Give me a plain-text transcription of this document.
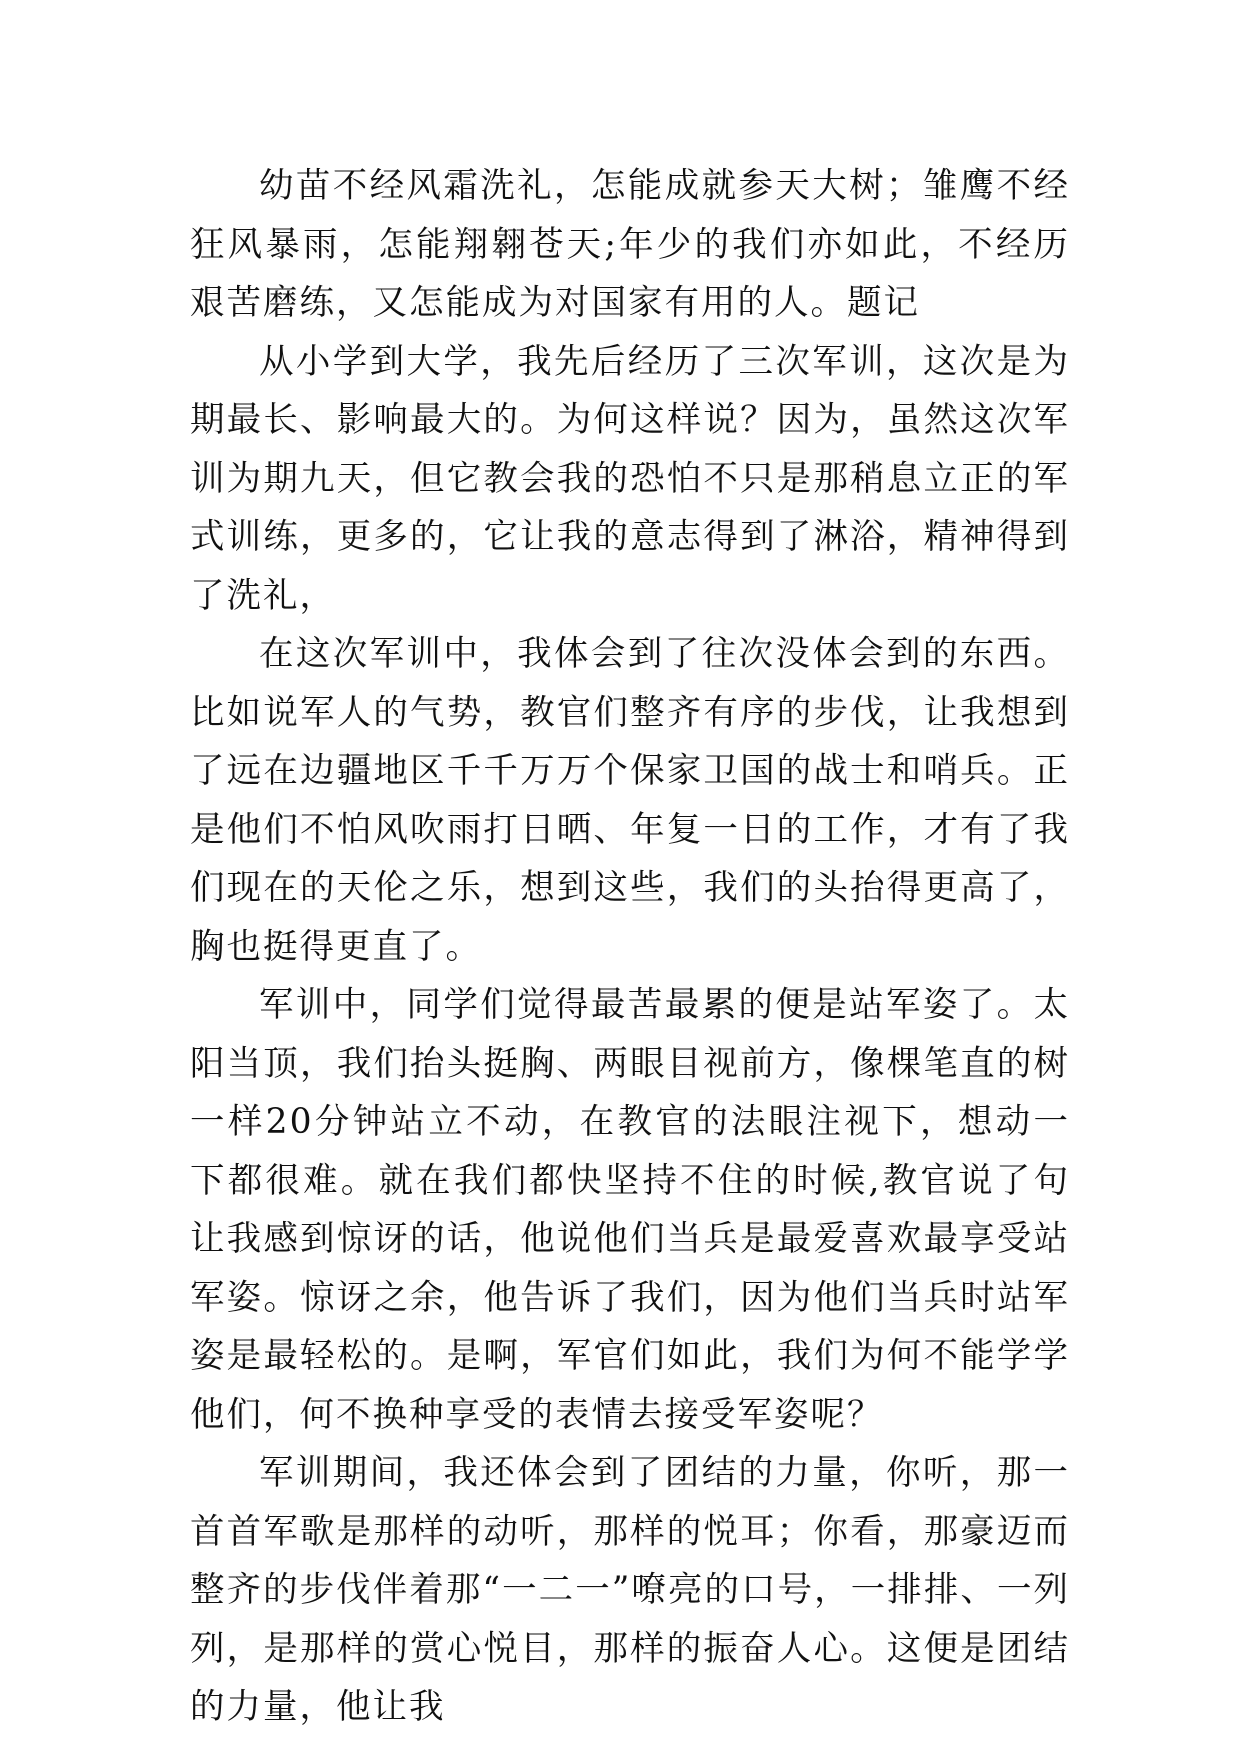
幼苗不经风霜洗礼，怎能成就参天大树；雏鹰不经狂风暴雨，怎能翔翱苍天;年少的我们亦如此，不经历艰苦磨练，又怎能成为对国家有用的人。题记

从小学到大学，我先后经历了三次军训，这次是为期最长、影响最大的。为何这样说？因为，虽然这次军训为期九天，但它教会我的恐怕不只是那稍息立正的军式训练，更多的，它让我的意志得到了淋浴，精神得到了洗礼，

在这次军训中，我体会到了往次没体会到的东西。比如说军人的气势，教官们整齐有序的步伐，让我想到了远在边疆地区千千万万个保家卫国的战士和哨兵。正是他们不怕风吹雨打日晒、年复一日的工作，才有了我们现在的天伦之乐，想到这些，我们的头抬得更高了，胸也挺得更直了。

军训中，同学们觉得最苦最累的便是站军姿了。太阳当顶，我们抬头挺胸、两眼目视前方，像棵笔直的树一样20分钟站立不动，在教官的法眼注视下，想动一下都很难。就在我们都快坚持不住的时候,教官说了句让我感到惊讶的话，他说他们当兵是最爱喜欢最享受站军姿。惊讶之余，他告诉了我们，因为他们当兵时站军姿是最轻松的。是啊，军官们如此，我们为何不能学学他们，何不换种享受的表情去接受军姿呢？

军训期间，我还体会到了团结的力量，你听，那一首首军歌是那样的动听，那样的悦耳；你看，那豪迈而整齐的步伐伴着那“一二一”嘹亮的口号，一排排、一列列，是那样的赏心悦目，那样的振奋人心。这便是团结的力量，他让我
